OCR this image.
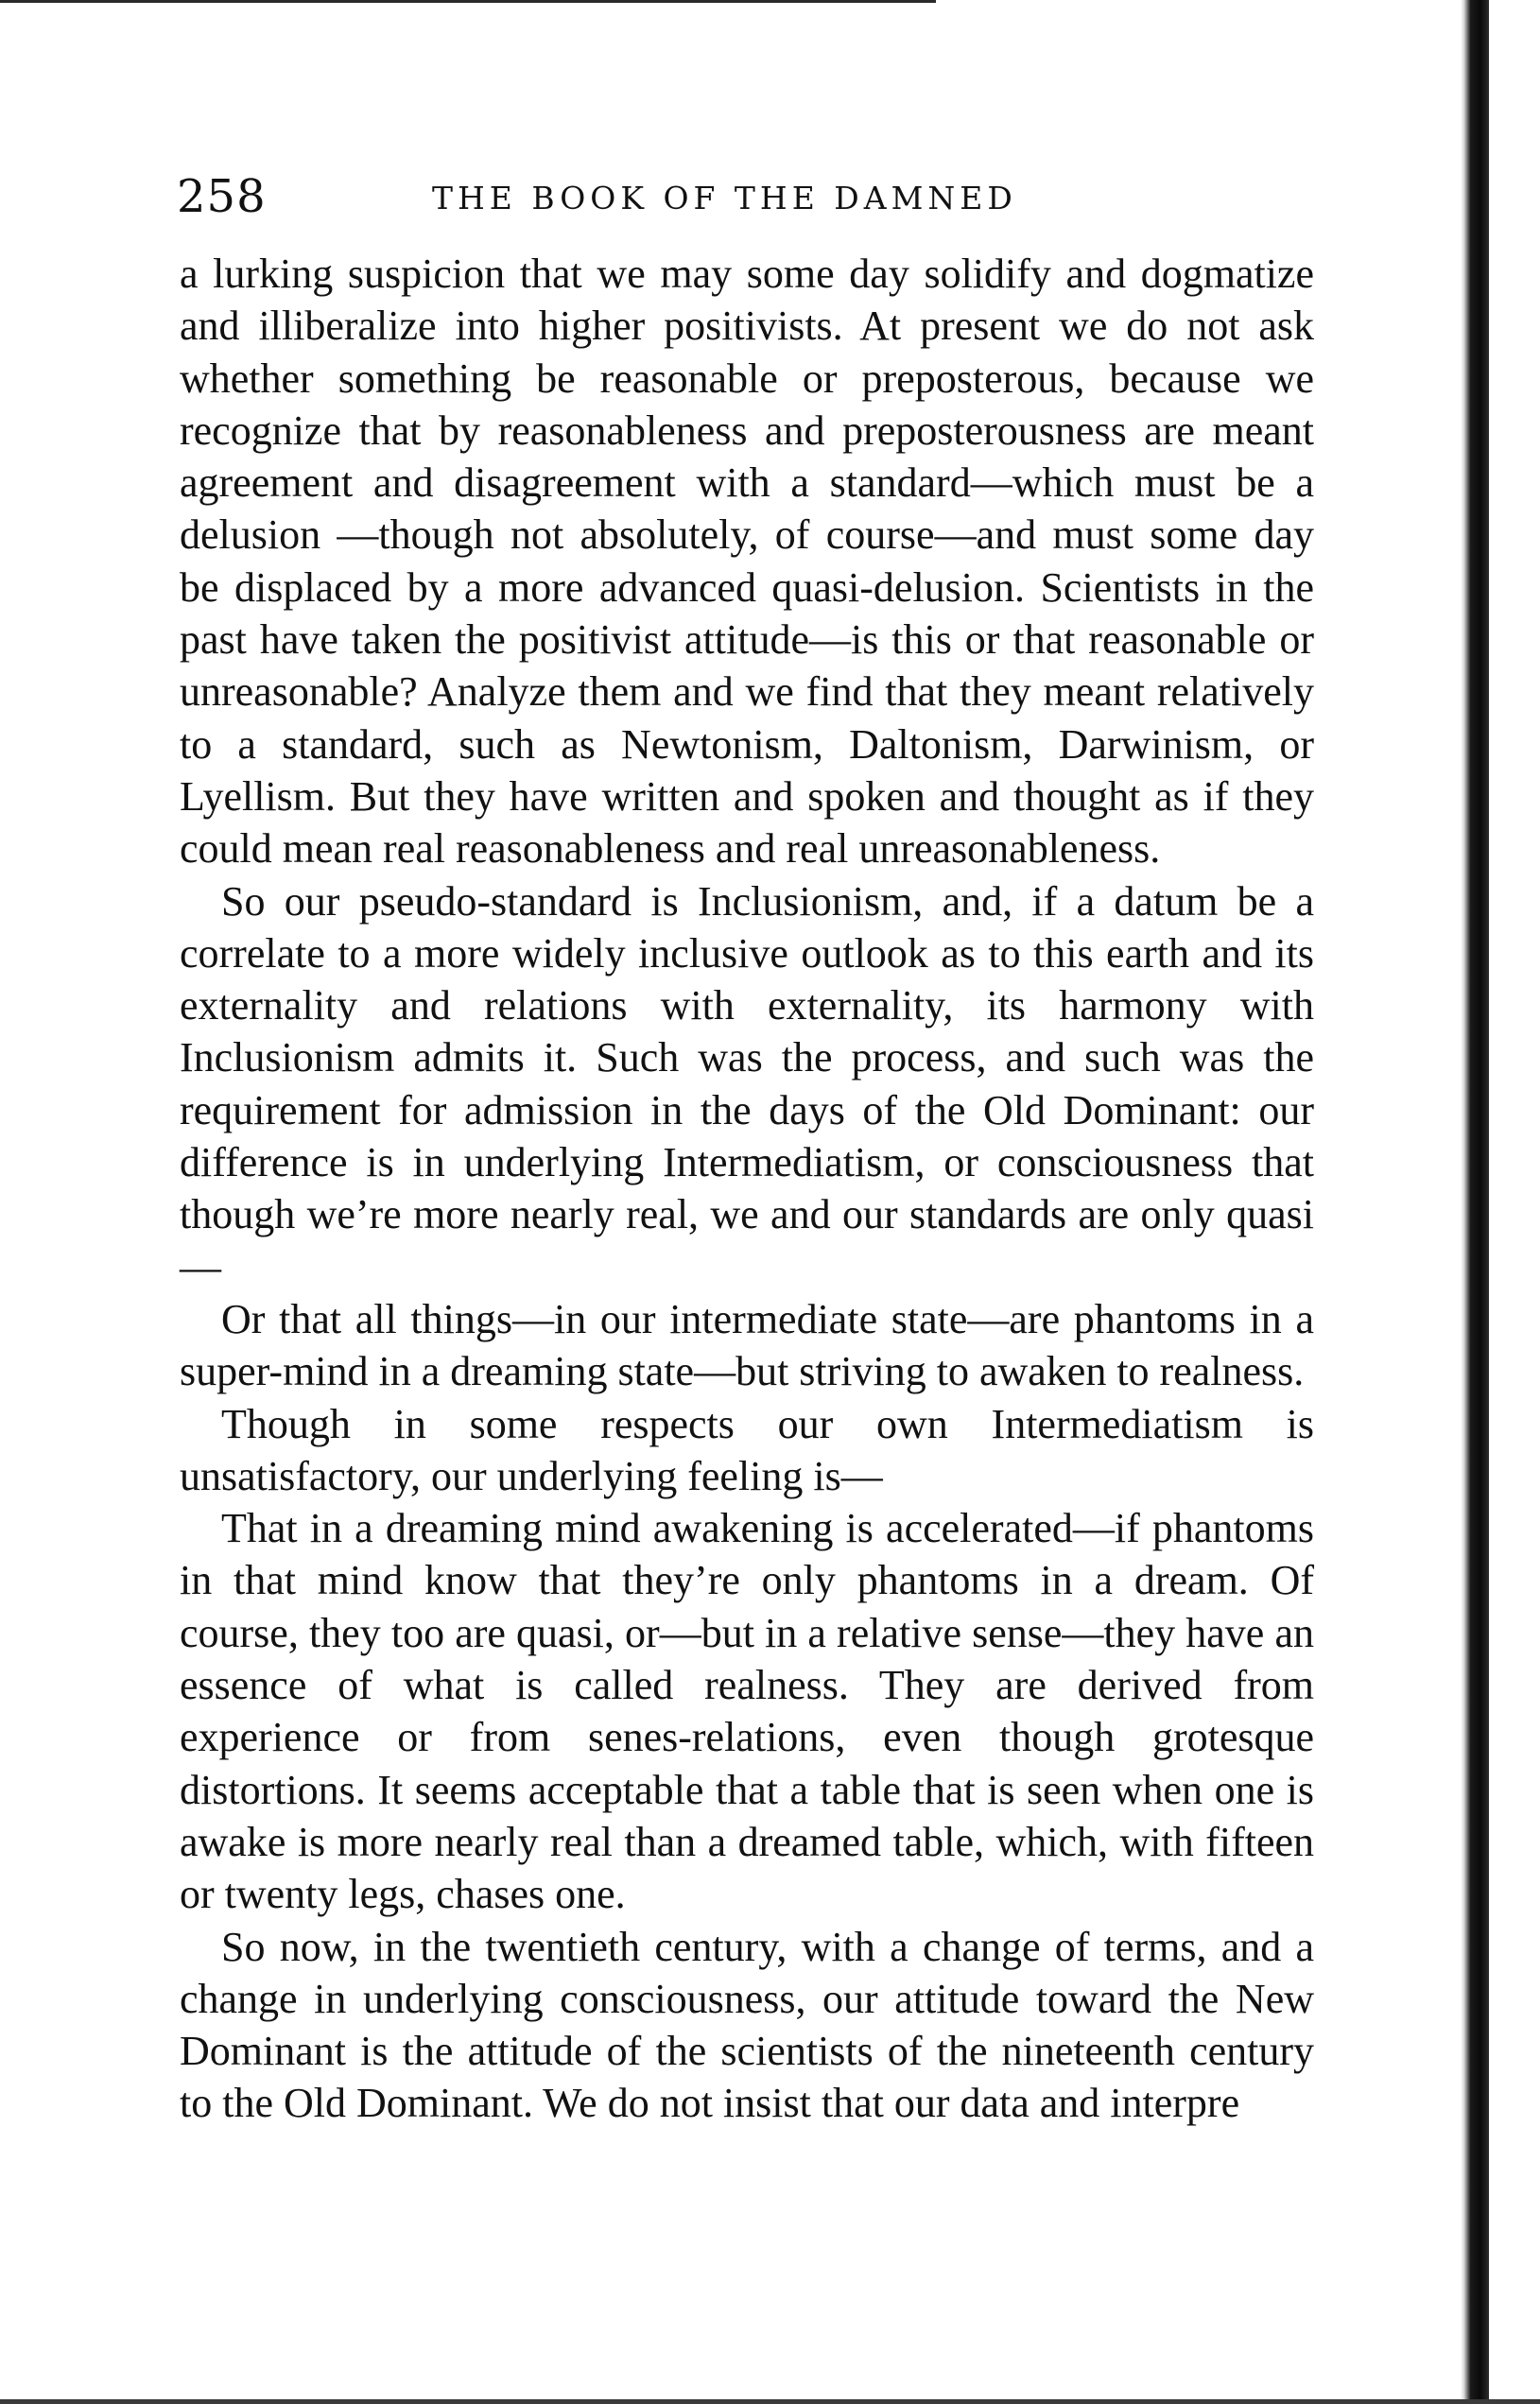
258	THE BOOK OF THE DAMNED

a lurking suspicion that we may some day solidify and dogmatize and illiberalize into higher positivists. At present we do not ask whether something be reasonable or preposterous, because we recognize that by reasonableness and preposterousness are meant agreement and disagreement with a standard—which must be a delusion —though not absolutely, of course—and must some day be displaced by a more advanced quasi-delusion. Scientists in the past have taken the positivist attitude—is this or that reasonable or unreasonable? Analyze them and we find that they meant relatively to a standard, such as Newtonism, Daltonism, Darwinism, or Lyellism. But they have written and spoken and thought as if they could mean real reasonableness and real unreasonableness.

So our pseudo-standard is Inclusionism, and, if a datum be a correlate to a more widely inclusive outlook as to this earth and its externality and relations with externality, its harmony with Inclusionism admits it. Such was the process, and such was the requirement for admission in the days of the Old Dominant: our difference is in underlying Intermediatism, or consciousness that though we’re more nearly real, we and our standards are only quasi—

Or that all things—in our intermediate state—are phantoms in a super-mind in a dreaming state—but striving to awaken to realness.

Though in some respects our own Intermediatism is unsatisfactory, our underlying feeling is—

That in a dreaming mind awakening is accelerated—if phantoms in that mind know that they’re only phantoms in a dream. Of course, they too are quasi, or—but in a relative sense—they have an essence of what is called realness. They are derived from experience or from senes-relations, even though grotesque distortions. It seems acceptable that a table that is seen when one is awake is more nearly real than a dreamed table, which, with fifteen or twenty legs, chases one.

So now, in the twentieth century, with a change of terms, and a change in underlying consciousness, our attitude toward the New Dominant is the attitude of the scientists of the nineteenth century to the Old Dominant. We do not insist that our data and interpre
